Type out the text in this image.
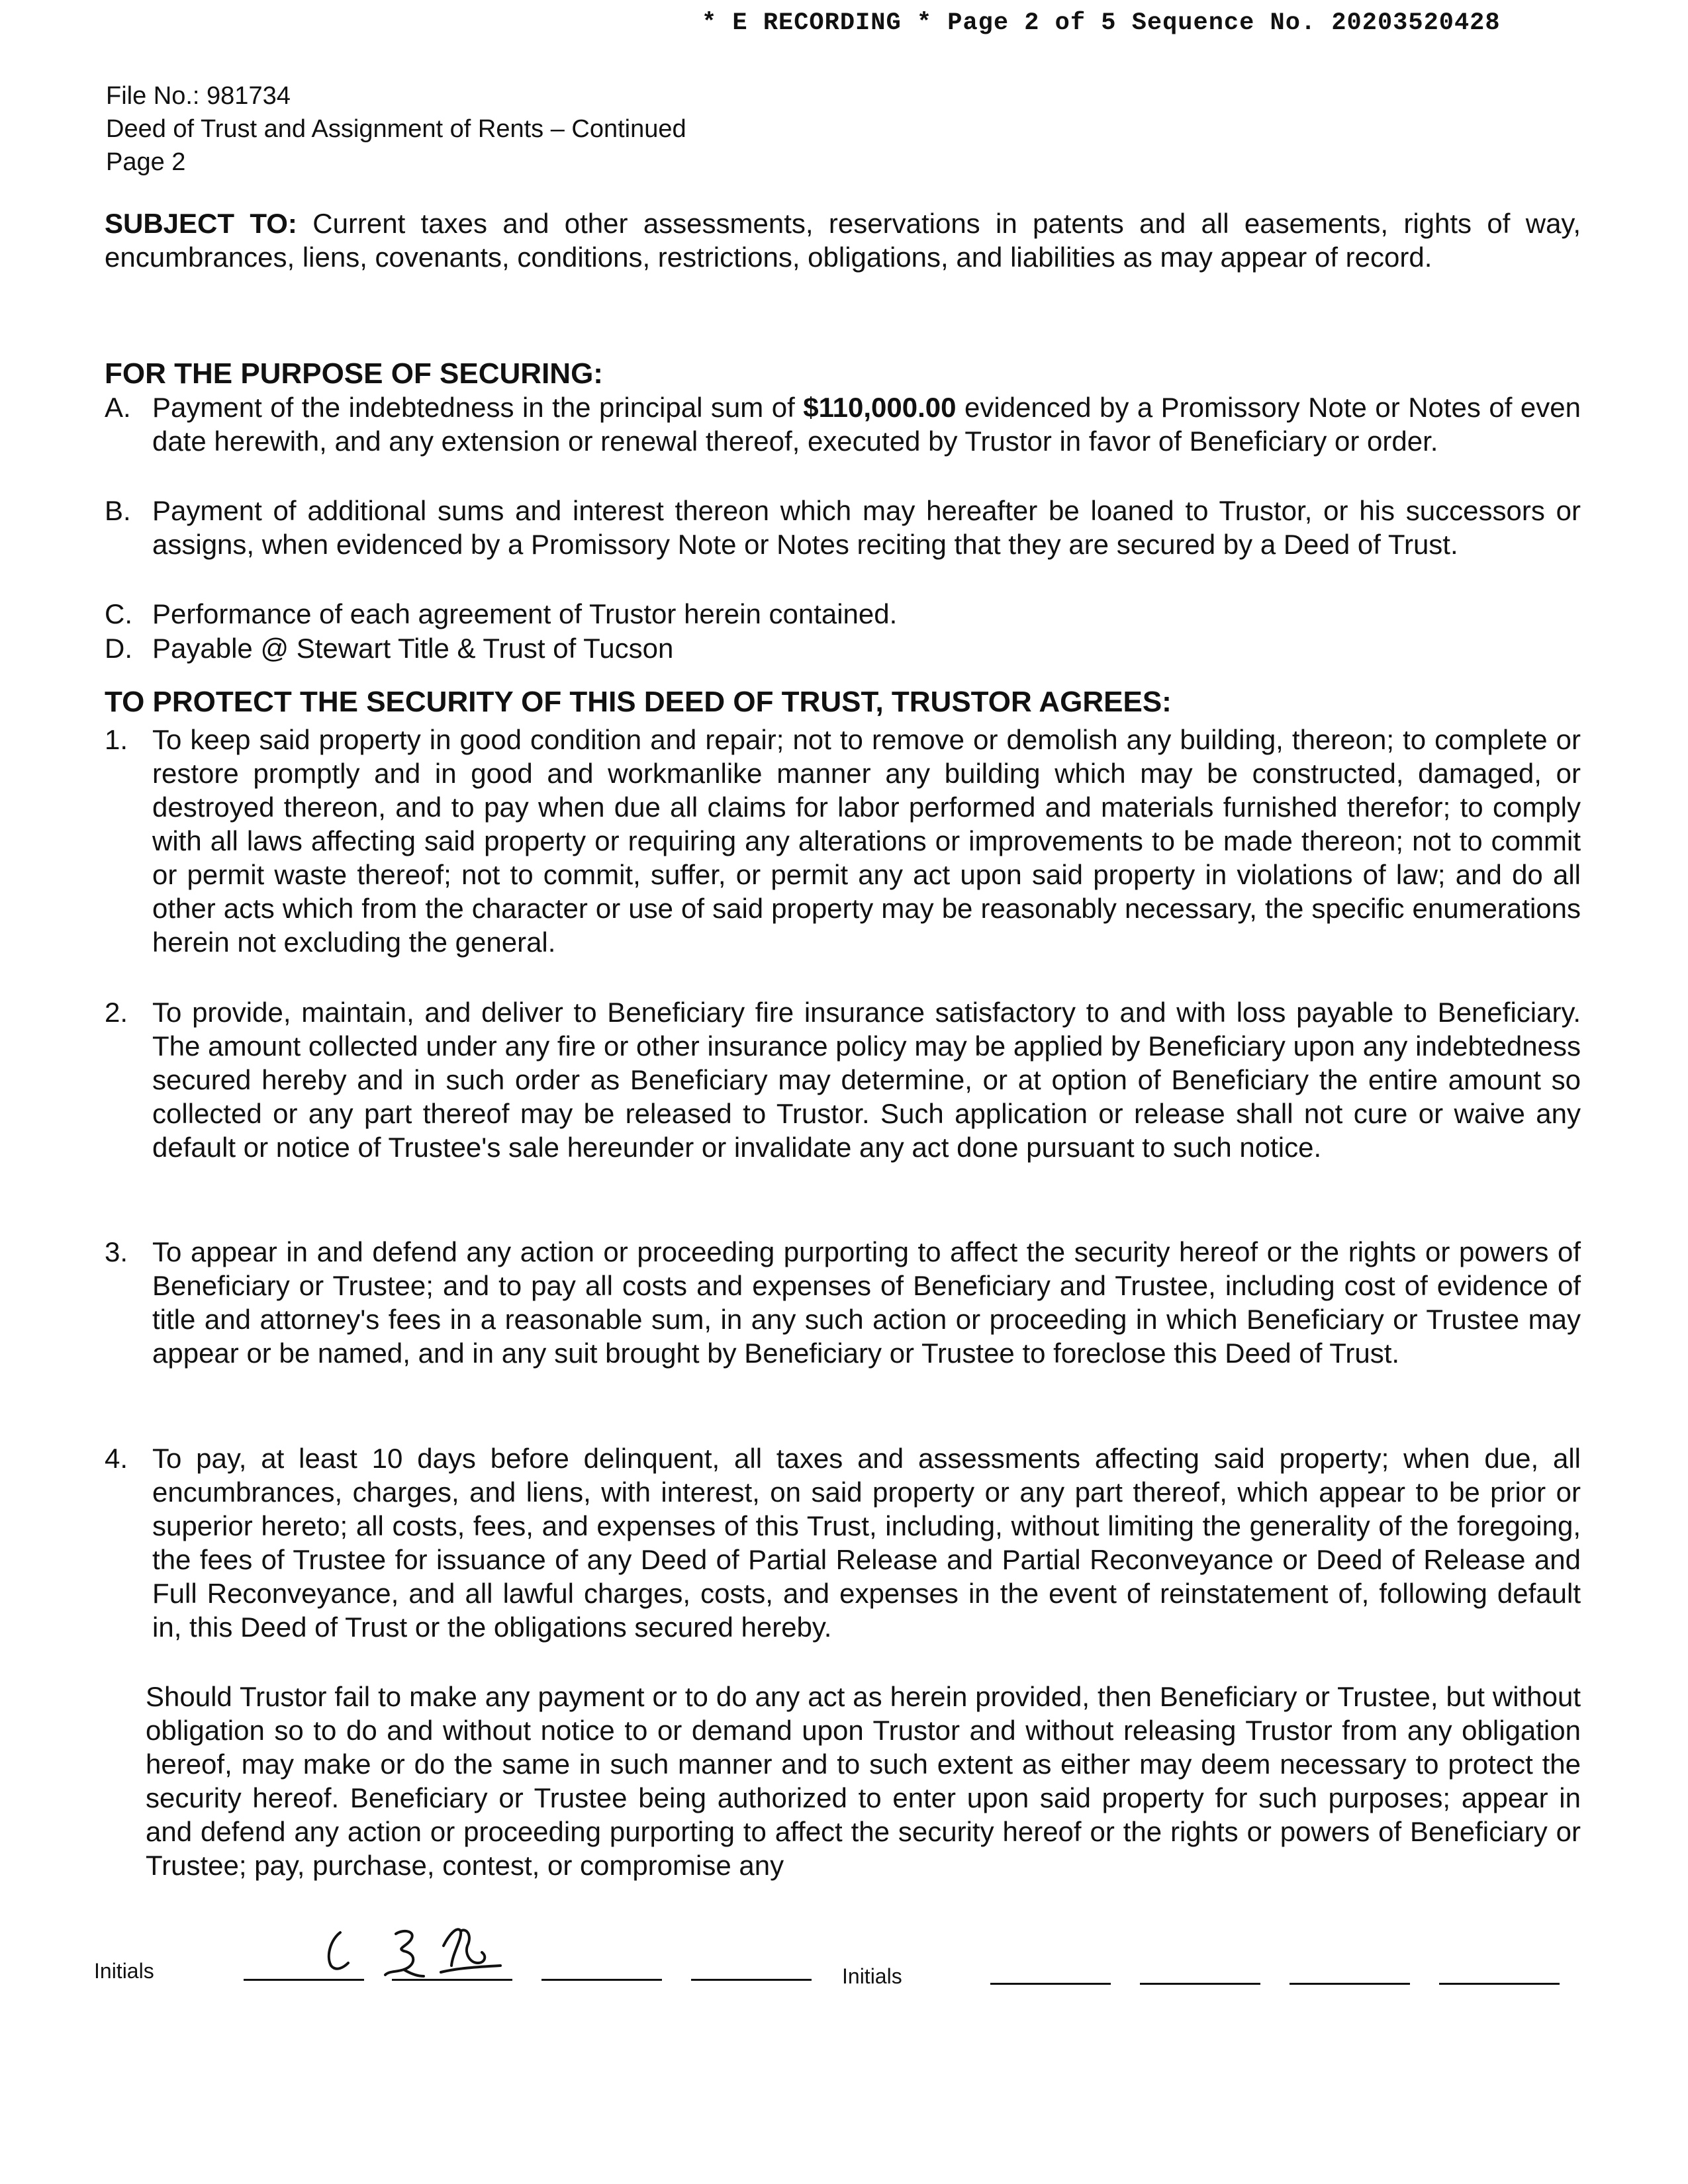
* E RECORDING * Page 2 of 5 Sequence No. 20203520428
File No.: 981734
Deed of Trust and Assignment of Rents – Continued
Page 2
SUBJECT TO: Current taxes and other assessments, reservations in patents and all easements, rights of way, encumbrances, liens, covenants, conditions, restrictions, obligations, and liabilities as may appear of record.
FOR THE PURPOSE OF SECURING:
A. Payment of the indebtedness in the principal sum of $110,000.00 evidenced by a Promissory Note or Notes of even date herewith, and any extension or renewal thereof, executed by Trustor in favor of Beneficiary or order.
B. Payment of additional sums and interest thereon which may hereafter be loaned to Trustor, or his successors or assigns, when evidenced by a Promissory Note or Notes reciting that they are secured by a Deed of Trust.
C. Performance of each agreement of Trustor herein contained.
D. Payable @ Stewart Title & Trust of Tucson
TO PROTECT THE SECURITY OF THIS DEED OF TRUST, TRUSTOR AGREES:
1. To keep said property in good condition and repair; not to remove or demolish any building, thereon; to complete or restore promptly and in good and workmanlike manner any building which may be constructed, damaged, or destroyed thereon, and to pay when due all claims for labor performed and materials furnished therefor; to comply with all laws affecting said property or requiring any alterations or improvements to be made thereon; not to commit or permit waste thereof; not to commit, suffer, or permit any act upon said property in violations of law; and do all other acts which from the character or use of said property may be reasonably necessary, the specific enumerations herein not excluding the general.
2. To provide, maintain, and deliver to Beneficiary fire insurance satisfactory to and with loss payable to Beneficiary. The amount collected under any fire or other insurance policy may be applied by Beneficiary upon any indebtedness secured hereby and in such order as Beneficiary may determine, or at option of Beneficiary the entire amount so collected or any part thereof may be released to Trustor. Such application or release shall not cure or waive any default or notice of Trustee's sale hereunder or invalidate any act done pursuant to such notice.
3. To appear in and defend any action or proceeding purporting to affect the security hereof or the rights or powers of Beneficiary or Trustee; and to pay all costs and expenses of Beneficiary and Trustee, including cost of evidence of title and attorney's fees in a reasonable sum, in any such action or proceeding in which Beneficiary or Trustee may appear or be named, and in any suit brought by Beneficiary or Trustee to foreclose this Deed of Trust.
4. To pay, at least 10 days before delinquent, all taxes and assessments affecting said property; when due, all encumbrances, charges, and liens, with interest, on said property or any part thereof, which appear to be prior or superior hereto; all costs, fees, and expenses of this Trust, including, without limiting the generality of the foregoing, the fees of Trustee for issuance of any Deed of Partial Release and Partial Reconveyance or Deed of Release and Full Reconveyance, and all lawful charges, costs, and expenses in the event of reinstatement of, following default in, this Deed of Trust or the obligations secured hereby.
Should Trustor fail to make any payment or to do any act as herein provided, then Beneficiary or Trustee, but without obligation so to do and without notice to or demand upon Trustor and without releasing Trustor from any obligation hereof, may make or do the same in such manner and to such extent as either may deem necessary to protect the security hereof. Beneficiary or Trustee being authorized to enter upon said property for such purposes; appear in and defend any action or proceeding purporting to affect the security hereof or the rights or powers of Beneficiary or Trustee; pay, purchase, contest, or compromise any
Initials	Initials
